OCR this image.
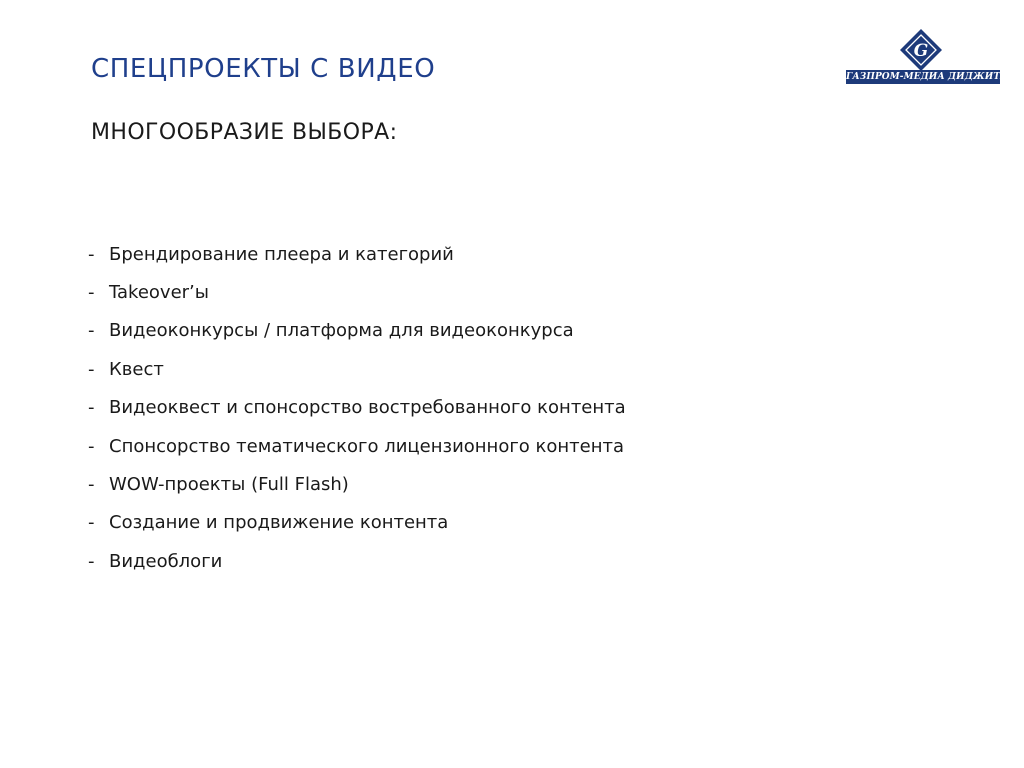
СПЕЦПРОЕКТЫ С ВИДЕО
МНОГООБРАЗИЕ ВЫБОРА:
G
ГАЗПРОМ-МЕДИА ДИДЖИТАЛ
- Брендирование плеера и категорий
- Takeover’ы
- Видеоконкурсы / платформа для видеоконкурса
- Квест
- Видеоквест и спонсорство востребованного контента
- Спонсорство тематического лицензионного контента
- WOW-проекты (Full Flash)
- Создание и продвижение контента
- Видеоблоги
